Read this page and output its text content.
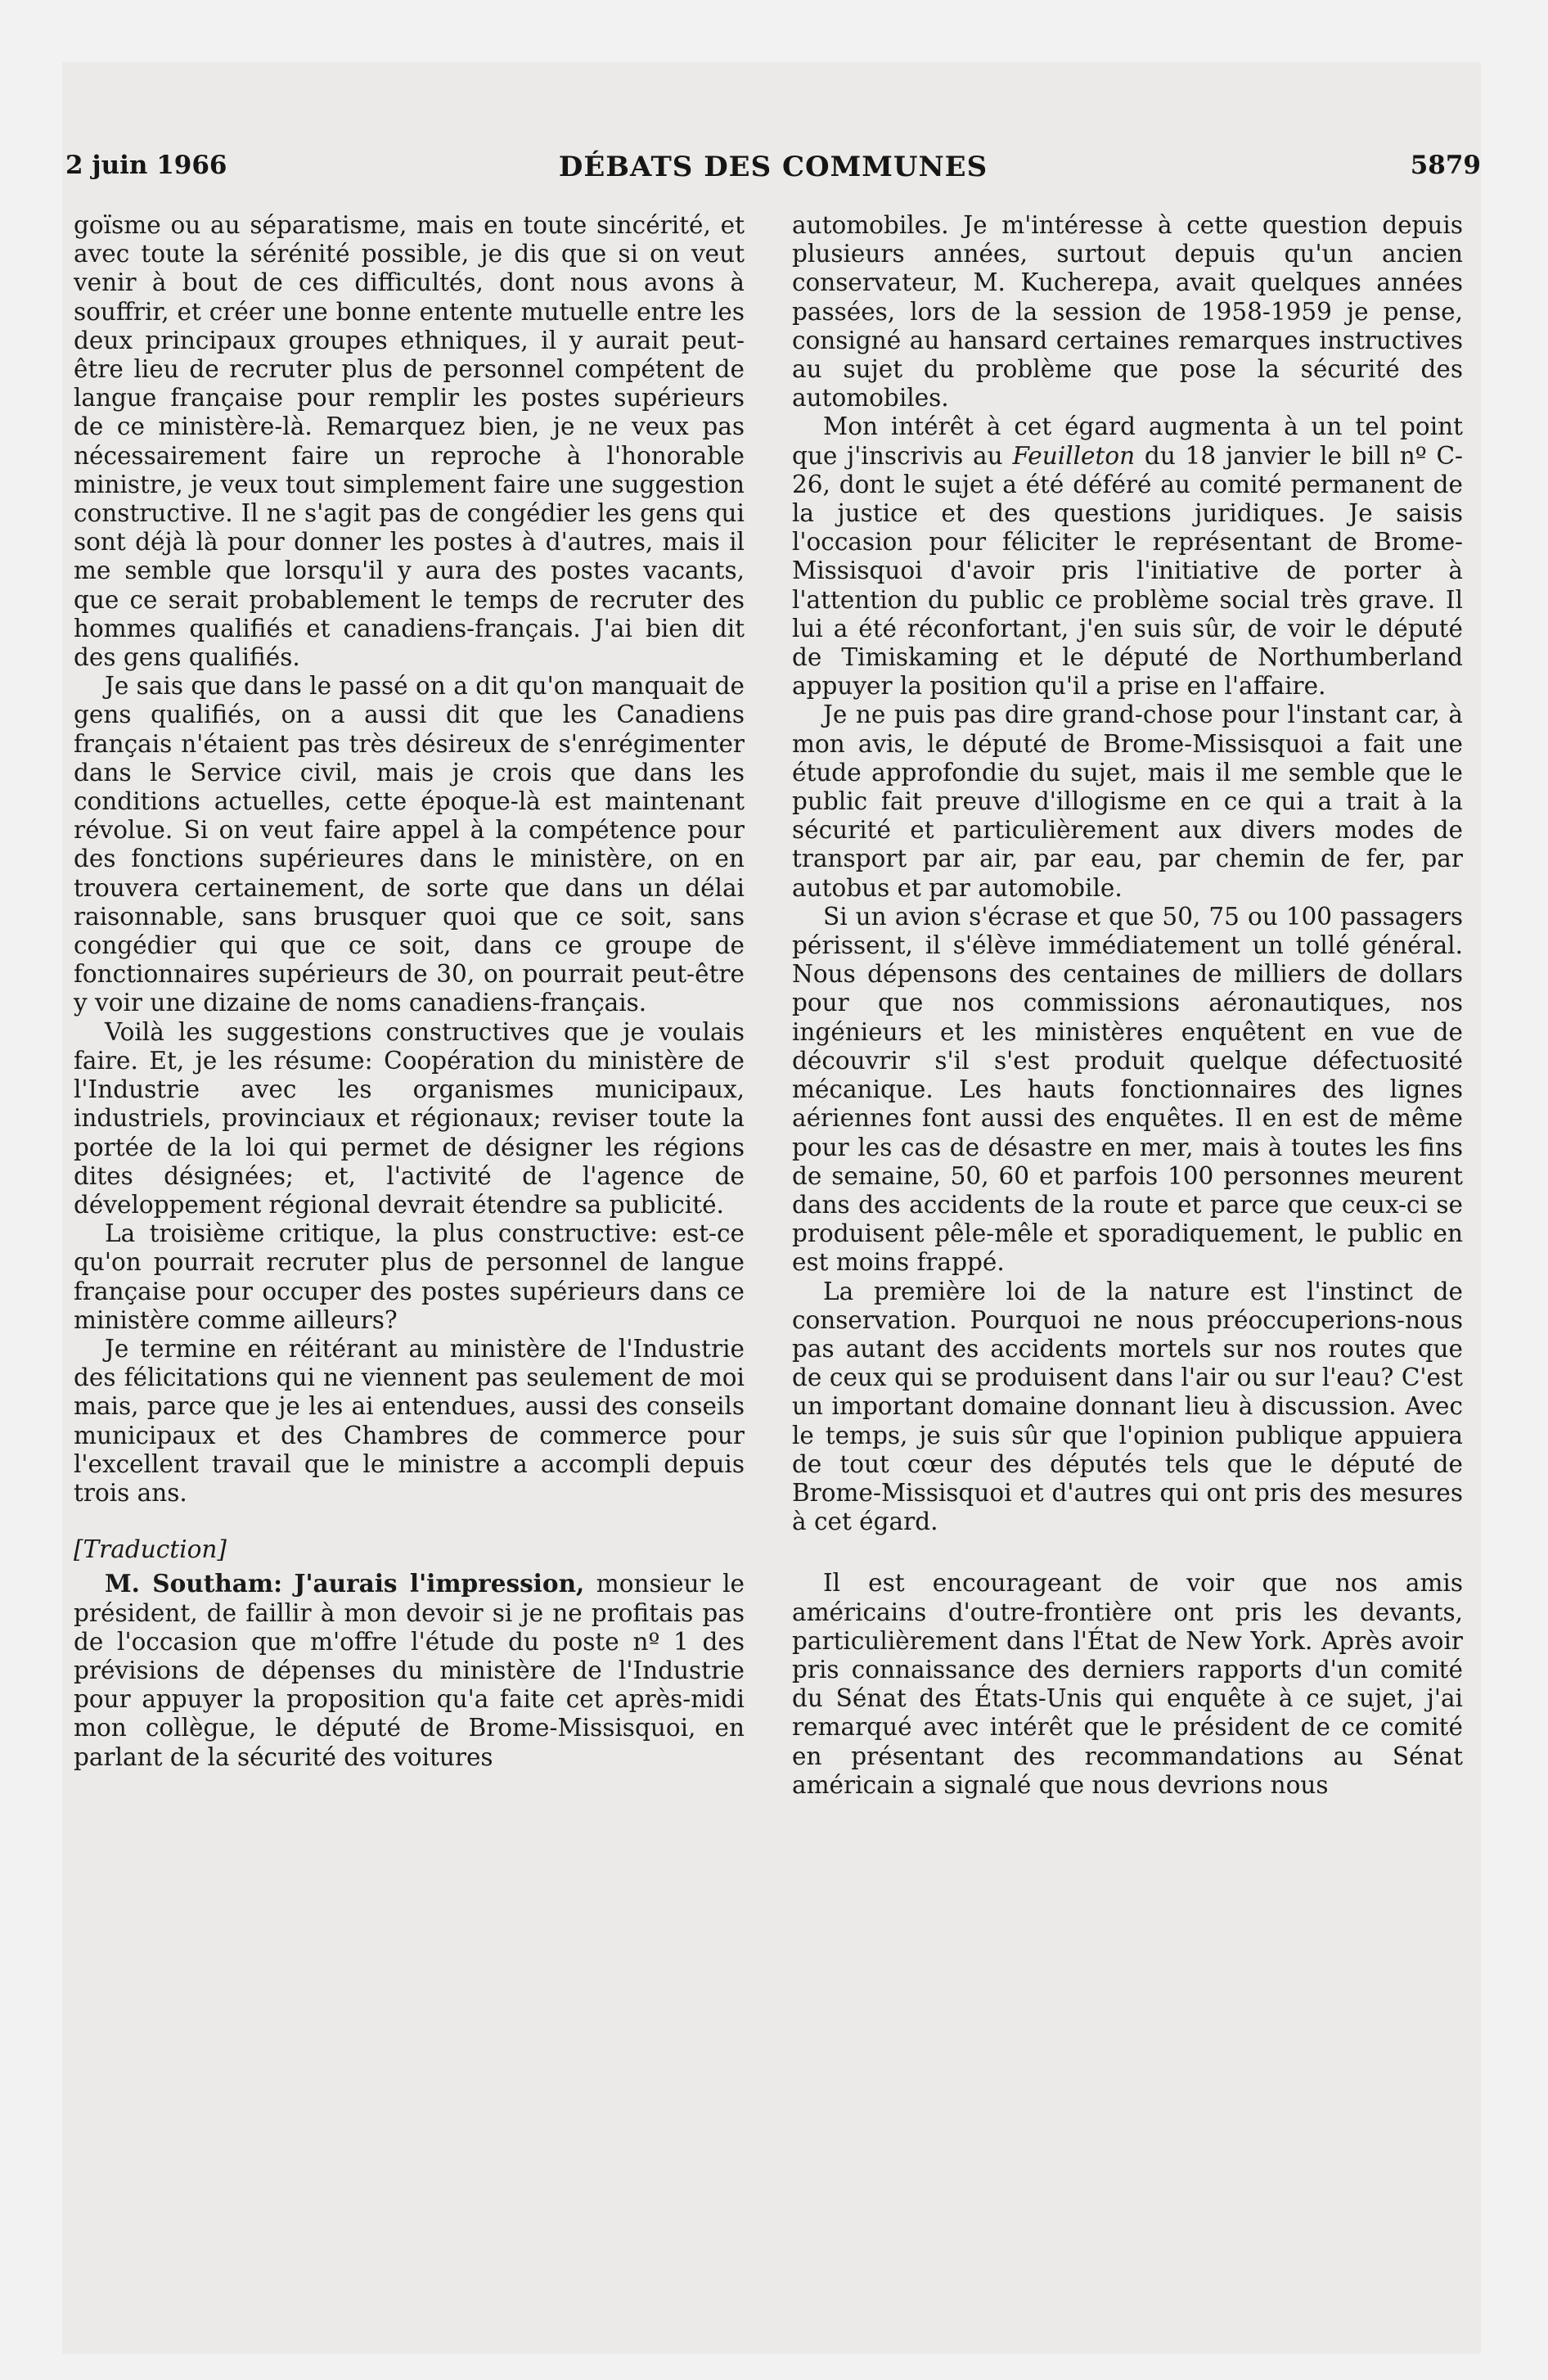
2 juin 1966	DÉBATS DES COMMUNES	5879

goïsme ou au séparatisme, mais en toute sincérité, et avec toute la sérénité possible, je dis que si on veut venir à bout de ces difficultés, dont nous avons à souffrir, et créer une bonne entente mutuelle entre les deux principaux groupes ethniques, il y aurait peut-être lieu de recruter plus de personnel compétent de langue française pour remplir les postes supérieurs de ce ministère-là. Remarquez bien, je ne veux pas nécessairement faire un reproche à l'honorable ministre, je veux tout simplement faire une suggestion constructive. Il ne s'agit pas de congédier les gens qui sont déjà là pour donner les postes à d'autres, mais il me semble que lorsqu'il y aura des postes vacants, que ce serait probablement le temps de recruter des hommes qualifiés et canadiens-français. J'ai bien dit des gens qualifiés.

Je sais que dans le passé on a dit qu'on manquait de gens qualifiés, on a aussi dit que les Canadiens français n'étaient pas très désireux de s'enrégimenter dans le Service civil, mais je crois que dans les conditions actuelles, cette époque-là est maintenant révolue. Si on veut faire appel à la compétence pour des fonctions supérieures dans le ministère, on en trouvera certainement, de sorte que dans un délai raisonnable, sans brusquer quoi que ce soit, sans congédier qui que ce soit, dans ce groupe de fonctionnaires supérieurs de 30, on pourrait peut-être y voir une dizaine de noms canadiens-français.

Voilà les suggestions constructives que je voulais faire. Et, je les résume: Coopération du ministère de l'Industrie avec les organismes municipaux, industriels, provinciaux et régionaux; reviser toute la portée de la loi qui permet de désigner les régions dites désignées; et, l'activité de l'agence de développement régional devrait étendre sa publicité.

La troisième critique, la plus constructive: est-ce qu'on pourrait recruter plus de personnel de langue française pour occuper des postes supérieurs dans ce ministère comme ailleurs?

Je termine en réitérant au ministère de l'Industrie des félicitations qui ne viennent pas seulement de moi mais, parce que je les ai entendues, aussi des conseils municipaux et des Chambres de commerce pour l'excellent travail que le ministre a accompli depuis trois ans.

[Traduction]

M. Southam: J'aurais l'impression, monsieur le président, de faillir à mon devoir si je ne profitais pas de l'occasion que m'offre l'étude du poste nº 1 des prévisions de dépenses du ministère de l'Industrie pour appuyer la proposition qu'a faite cet après-midi mon collègue, le député de Brome-Missisquoi, en parlant de la sécurité des voitures

automobiles. Je m'intéresse à cette question depuis plusieurs années, surtout depuis qu'un ancien conservateur, M. Kucherepa, avait quelques années passées, lors de la session de 1958-1959 je pense, consigné au hansard certaines remarques instructives au sujet du problème que pose la sécurité des automobiles.

Mon intérêt à cet égard augmenta à un tel point que j'inscrivis au Feuilleton du 18 janvier le bill nº C-26, dont le sujet a été déféré au comité permanent de la justice et des questions juridiques. Je saisis l'occasion pour féliciter le représentant de Brome-Missisquoi d'avoir pris l'initiative de porter à l'attention du public ce problème social très grave. Il lui a été réconfortant, j'en suis sûr, de voir le député de Timiskaming et le député de Northumberland appuyer la position qu'il a prise en l'affaire.

Je ne puis pas dire grand-chose pour l'instant car, à mon avis, le député de Brome-Missisquoi a fait une étude approfondie du sujet, mais il me semble que le public fait preuve d'illogisme en ce qui a trait à la sécurité et particulièrement aux divers modes de transport par air, par eau, par chemin de fer, par autobus et par automobile.

Si un avion s'écrase et que 50, 75 ou 100 passagers périssent, il s'élève immédiatement un tollé général. Nous dépensons des centaines de milliers de dollars pour que nos commissions aéronautiques, nos ingénieurs et les ministères enquêtent en vue de découvrir s'il s'est produit quelque défectuosité mécanique. Les hauts fonctionnaires des lignes aériennes font aussi des enquêtes. Il en est de même pour les cas de désastre en mer, mais à toutes les fins de semaine, 50, 60 et parfois 100 personnes meurent dans des accidents de la route et parce que ceux-ci se produisent pêle-mêle et sporadiquement, le public en est moins frappé.

La première loi de la nature est l'instinct de conservation. Pourquoi ne nous préoccuperions-nous pas autant des accidents mortels sur nos routes que de ceux qui se produisent dans l'air ou sur l'eau? C'est un important domaine donnant lieu à discussion. Avec le temps, je suis sûr que l'opinion publique appuiera de tout cœur des députés tels que le député de Brome-Missisquoi et d'autres qui ont pris des mesures à cet égard.

Il est encourageant de voir que nos amis américains d'outre-frontière ont pris les devants, particulièrement dans l'État de New York. Après avoir pris connaissance des derniers rapports d'un comité du Sénat des États-Unis qui enquête à ce sujet, j'ai remarqué avec intérêt que le président de ce comité en présentant des recommandations au Sénat américain a signalé que nous devrions nous
